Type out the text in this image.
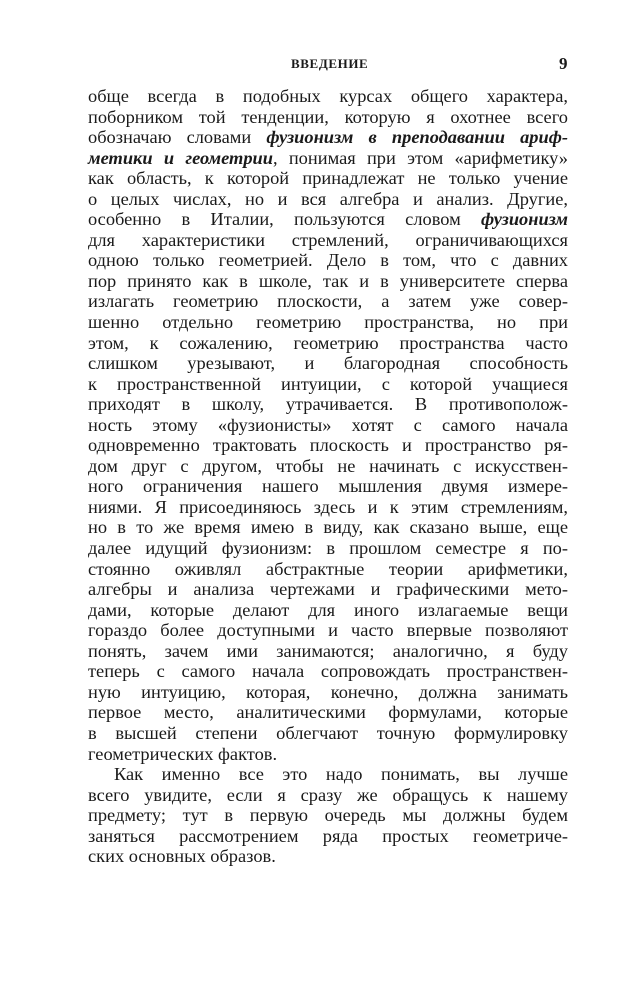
ВВЕДЕНИЕ	9
обще всегда в подобных курсах общего характера,
поборником той тенденции, которую я охотнее всего
обозначаю словами фузионизм в преподавании ариф-
метики и геометрии, понимая при этом «арифметику»
как область, к которой принадлежат не только учение
о целых числах, но и вся алгебра и анализ. Другие,
особенно в Италии, пользуются словом фузионизм
для характеристики стремлений, ограничивающихся
одною только геометрией. Дело в том, что с давних
пор принято как в школе, так и в университете сперва
излагать геометрию плоскости, а затем уже совер-
шенно отдельно геометрию пространства, но при
этом, к сожалению, геометрию пространства часто
слишком урезывают, и благородная способность
к пространственной интуиции, с которой учащиеся
приходят в школу, утрачивается. В противополож-
ность этому «фузионисты» хотят с самого начала
одновременно трактовать плоскость и пространство ря-
дом друг с другом, чтобы не начинать с искусствен-
ного ограничения нашего мышления двумя измере-
ниями. Я присоединяюсь здесь и к этим стремлениям,
но в то же время имею в виду, как сказано выше, еще
далее идущий фузионизм: в прошлом семестре я по-
стоянно оживлял абстрактные теории арифметики,
алгебры и анализа чертежами и графическими мето-
дами, которые делают для иного излагаемые вещи
гораздо более доступными и часто впервые позволяют
понять, зачем ими занимаются; аналогично, я буду
теперь с самого начала сопровождать пространствен-
ную интуицию, которая, конечно, должна занимать
первое место, аналитическими формулами, которые
в высшей степени облегчают точную формулировку
геометрических фактов.
Как именно все это надо понимать, вы лучше
всего увидите, если я сразу же обращусь к нашему
предмету; тут в первую очередь мы должны будем
заняться рассмотрением ряда простых геометриче-
ских основных образов.
